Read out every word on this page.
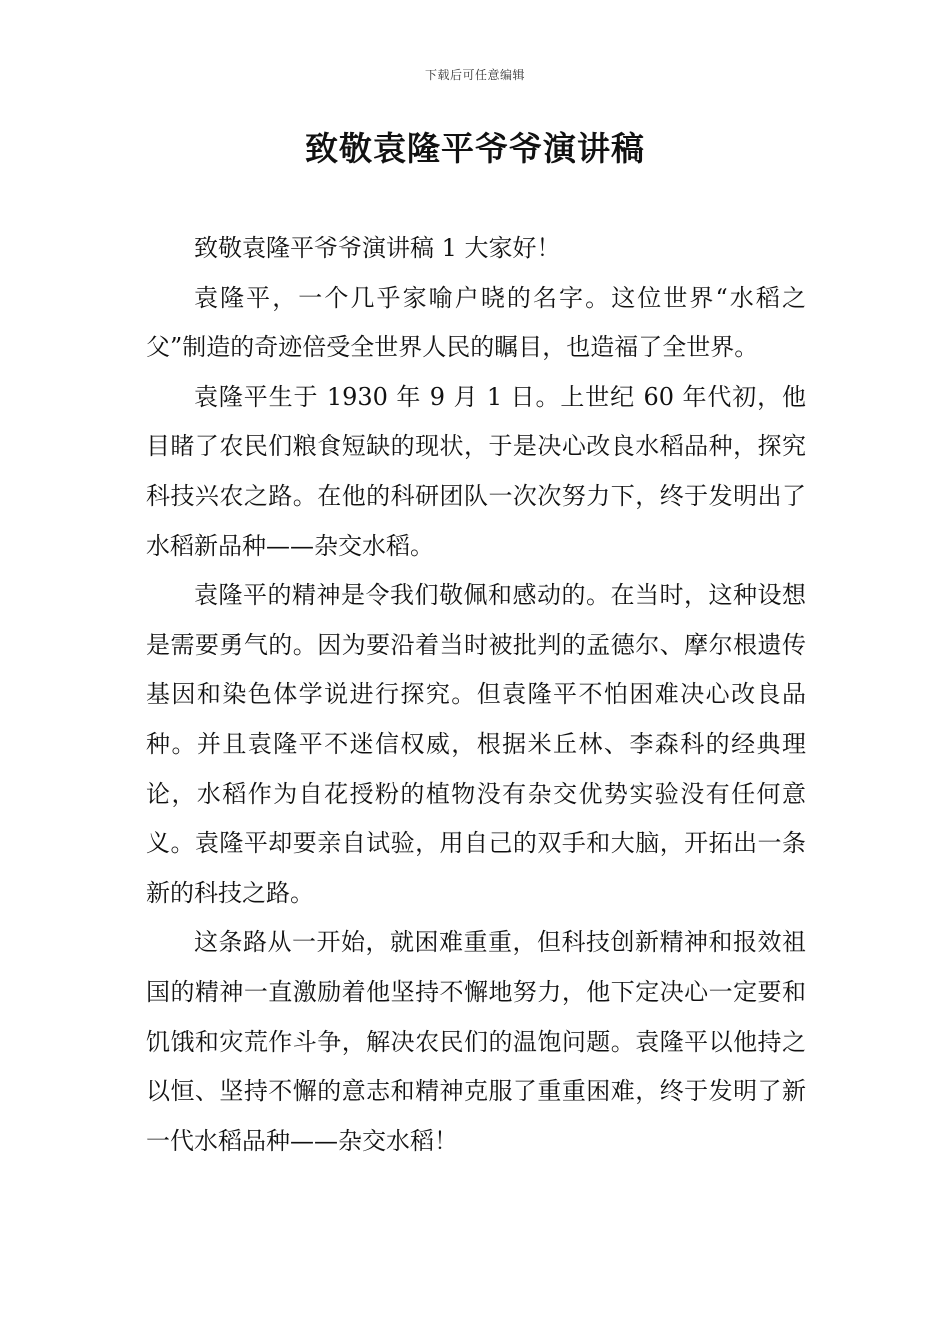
下载后可任意编辑
致敬袁隆平爷爷演讲稿

致敬袁隆平爷爷演讲稿 1 大家好！

袁隆平，一个几乎家喻户晓的名字。这位世界“水稻之父”制造的奇迹倍受全世界人民的瞩目，也造福了全世界。

袁隆平生于 1930 年 9 月 1 日。上世纪 60 年代初，他目睹了农民们粮食短缺的现状，于是决心改良水稻品种，探究科技兴农之路。在他的科研团队一次次努力下，终于发明出了水稻新品种——杂交水稻。

袁隆平的精神是令我们敬佩和感动的。在当时，这种设想是需要勇气的。因为要沿着当时被批判的孟德尔、摩尔根遗传基因和染色体学说进行探究。但袁隆平不怕困难决心改良品种。并且袁隆平不迷信权威，根据米丘林、李森科的经典理论，水稻作为自花授粉的植物没有杂交优势实验没有任何意义。袁隆平却要亲自试验，用自己的双手和大脑，开拓出一条新的科技之路。

这条路从一开始，就困难重重，但科技创新精神和报效祖国的精神一直激励着他坚持不懈地努力，他下定决心一定要和饥饿和灾荒作斗争，解决农民们的温饱问题。袁隆平以他持之以恒、坚持不懈的意志和精神克服了重重困难，终于发明了新一代水稻品种——杂交水稻！
